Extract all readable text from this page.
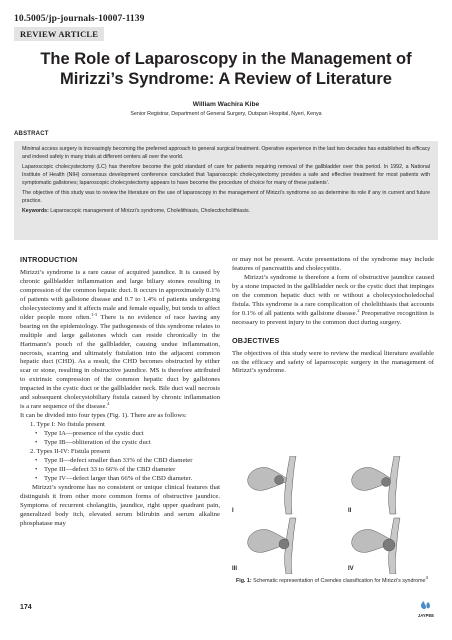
10.5005/jp-journals-10007-1139
REVIEW ARTICLE
The Role of Laparoscopy in the Management of Mirizzi’s Syndrome: A Review of Literature
William Wachira Kibe
Senior Registrar, Department of General Surgery, Outspan Hospital, Nyeri, Kenya
ABSTRACT

Minimal access surgery is increasingly becoming the preferred approach to general surgical treatment. Operative experience in the last two decades has established its efficacy and indeed safety in many trials at different centers all over the world.

Laparoscopic cholecystectomy (LC) has therefore become the gold standard of care for patients requiring removal of the gallbladder over this period. In 1992, a National Institute of Health (NIH) consensus development conference concluded that ‘laparoscopic cholecystectomy provides a safe and effective treatment for most patients with symptomatic gallstones; laparoscopic cholecystectomy appears to have become the procedure of choice for many of these patients’.

The objective of this study was to review the literature on the use of laparoscopy in the management of Mirizzi’s syndrome so as determine its role if any in current and future practice.

Keywords: Laparoscopic management of Mirizzi’s syndrome, Cholelithiasis, Cholecdocholithiasis.

INTRODUCTION

Mirizzi’s syndrome is a rare cause of acquired jaundice. It is caused by chronic gallbladder inflammation and large biliary stones resulting in compression of the common hepatic duct. It occurs in approximately 0.1% of patients with gallstone disease and 0.7 to 1.4% of patients undergoing cholecystectomy and it affects male and female equally, but tends to affect older people more often.$^{1-3}$ There is no evidence of race having any bearing on the epidemiology. The pathogenesis of this syndrome relates to multiple and large gallstones which can reside chronically in the Hartmann’s pouch of the gallbladder, causing undue inflammation, necrosis, scarring and ultimately fistulation into the adjacent common hepatic duct (CHD). As a result, the CHD becomes obstructed by either scar or stone, resulting in obstructive jaundice. MS is therefore attributed to extrinsic compression of the common hepatic duct by gallstones impacted in the cystic duct or the gallbladder neck. Bile duct wall necrosis and subsequent cholecystobiliary fistula caused by chronic inflammation is a rare sequence of the disease.$^4$

It can be divided into four types (Fig. 1). There are as follows:

1. Type I: No fistula present
• Type IA—presence of the cystic duct
• Type IB—obliteration of the cystic duct
2. Types II-IV: Fistula present
• Type II—defect smaller than 33% of the CBD diameter
• Type III—defect 33 to 66% of the CBD diameter
• Type IV—defect larger than 66% of the CBD diameter.

Mirizzi’s syndrome has no consistent or unique clinical features that distinguish it from other more common forms of obstructive jaundice. Symptoms of recurrent cholangitis, jaundice, right upper quadrant pain, generalized body itch, elevated serum bilirubin and serum alkaline phosphatase may

or may not be present. Acute presentations of the syndrome may include features of pancreatitis and cholecystitis.

Mirizzi’s syndrome is therefore a form of obstructive jaundice caused by a stone impacted in the gallbladder neck or the cystic duct that impinges on the common hepatic duct with or without a cholecystocholedochal fistula. This syndrome is a rare complication of cholelithiasis that accounts for 0.1% of all patients with gallstone disease.$^2$ Preoperative recognition is necessary to prevent injury to the common duct during surgery.

OBJECTIVES

The objectives of this study were to review the medical literature available on the efficacy and safety of laparoscopic surgery in the management of Mirizzi’s syndrome.

I	II
III	IV
Fig. 1: Schematic representation of Csendes classification for Mirizzi’s syndrome$^4$
174
JAYPEE
